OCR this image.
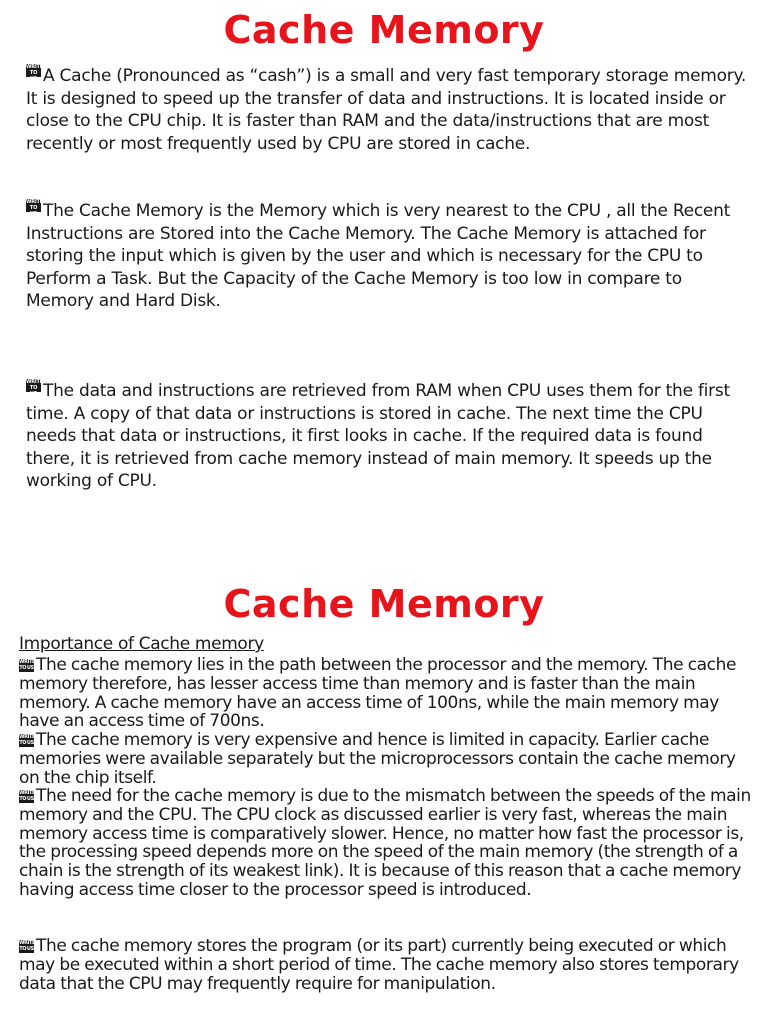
Cache Memory

WRITE
TO US A Cache (Pronounced as “cash”) is a small and very fast temporary storage memory. It is designed to speed up the transfer of data and instructions. It is located inside or close to the CPU chip. It is faster than RAM and the data/instructions that are most recently or most frequently used by CPU are stored in cache.

WRITE
TO US The Cache Memory is the Memory which is very nearest to the CPU , all the Recent Instructions are Stored into the Cache Memory. The Cache Memory is attached for storing the input which is given by the user and which is necessary for the CPU to Perform a Task. But the Capacity of the Cache Memory is too low in compare to Memory and Hard Disk.

WRITE
TO US The data and instructions are retrieved from RAM when CPU uses them for the first time. A copy of that data or instructions is stored in cache. The next time the CPU needs that data or instructions, it first looks in cache. If the required data is found there, it is retrieved from cache memory instead of main memory. It speeds up the working of CPU.

Cache Memory

Importance of Cache memory

WRITE
TO US The cache memory lies in the path between the processor and the memory. The cache memory therefore, has lesser access time than memory and is faster than the main memory. A cache memory have an access time of 100ns, while the main memory may have an access time of 700ns.

WRITE
TO US The cache memory is very expensive and hence is limited in capacity. Earlier cache memories were available separately but the microprocessors contain the cache memory on the chip itself.

WRITE
TO US The need for the cache memory is due to the mismatch between the speeds of the main memory and the CPU. The CPU clock as discussed earlier is very fast, whereas the main memory access time is comparatively slower. Hence, no matter how fast the processor is, the processing speed depends more on the speed of the main memory (the strength of a chain is the strength of its weakest link). It is because of this reason that a cache memory having access time closer to the processor speed is introduced.

WRITE
TO US The cache memory stores the program (or its part) currently being executed or which may be executed within a short period of time. The cache memory also stores temporary data that the CPU may frequently require for manipulation.
